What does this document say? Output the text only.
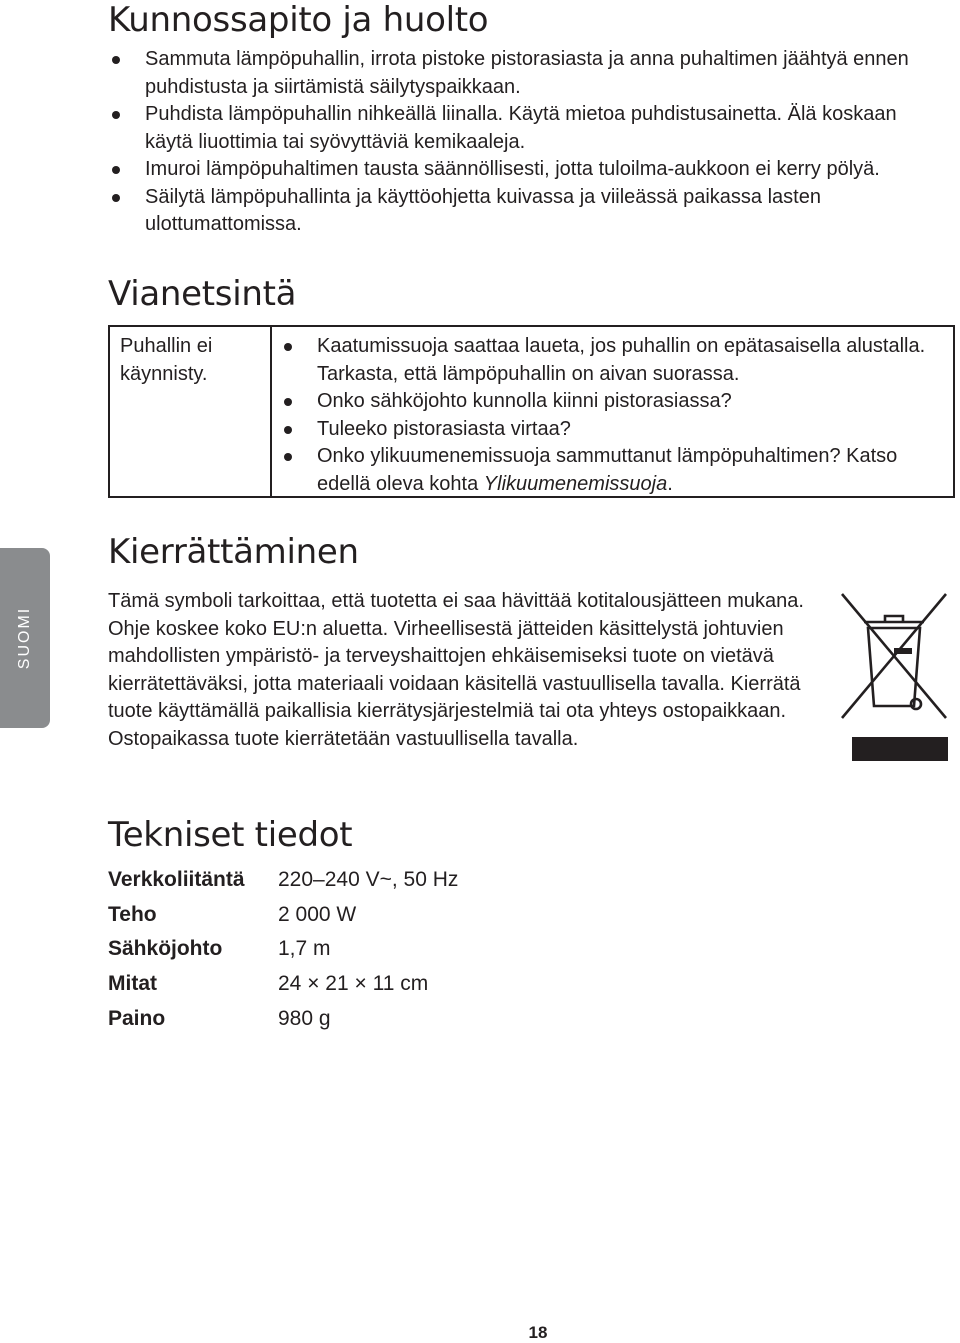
Kunnossapito ja huolto
Sammuta lämpöpuhallin, irrota pistoke pistorasiasta ja anna puhaltimen jäähtyä ennen puhdistusta ja siirtämistä säilytyspaikkaan.
Puhdista lämpöpuhallin nihkeällä liinalla. Käytä mietoa puhdistusainetta. Älä koskaan käytä liuottimia tai syövyttäviä kemikaaleja.
Imuroi lämpöpuhaltimen tausta säännöllisesti, jotta tuloilma-aukkoon ei kerry pölyä.
Säilytä lämpöpuhallinta ja käyttöohjetta kuivassa ja viileässä paikassa lasten ulottumattomissa.
Vianetsintä
Puhallin ei käynnisty.
Kaatumissuoja saattaa laueta, jos puhallin on epätasaisella alustalla. Tarkasta, että lämpöpuhallin on aivan suorassa.
Onko sähköjohto kunnolla kiinni pistorasiassa?
Tuleeko pistorasiasta virtaa?
Onko ylikuumenemissuoja sammuttanut lämpöpuhaltimen? Katso edellä oleva kohta Ylikuumenemissuoja.
SUOMI
Kierrättäminen
Tämä symboli tarkoittaa, että tuotetta ei saa hävittää kotitalousjätteen mukana. Ohje koskee koko EU:n aluetta. Virheellisestä jätteiden käsittelystä johtuvien mahdollisten ympäristö- ja terveyshaittojen ehkäisemiseksi tuote on vietävä kierrätettäväksi, jotta materiaali voidaan käsitellä vastuullisella tavalla. Kierrätä tuote käyttämällä paikallisia kierrätysjärjestelmiä tai ota yhteys ostopaikkaan. Ostopaikassa tuote kierrätetään vastuullisella tavalla.
Tekniset tiedot
Verkkoliitäntä	220–240 V~, 50 Hz
Teho	2 000 W
Sähköjohto	1,7 m
Mitat	24 × 21 × 11 cm
Paino	980 g
18
